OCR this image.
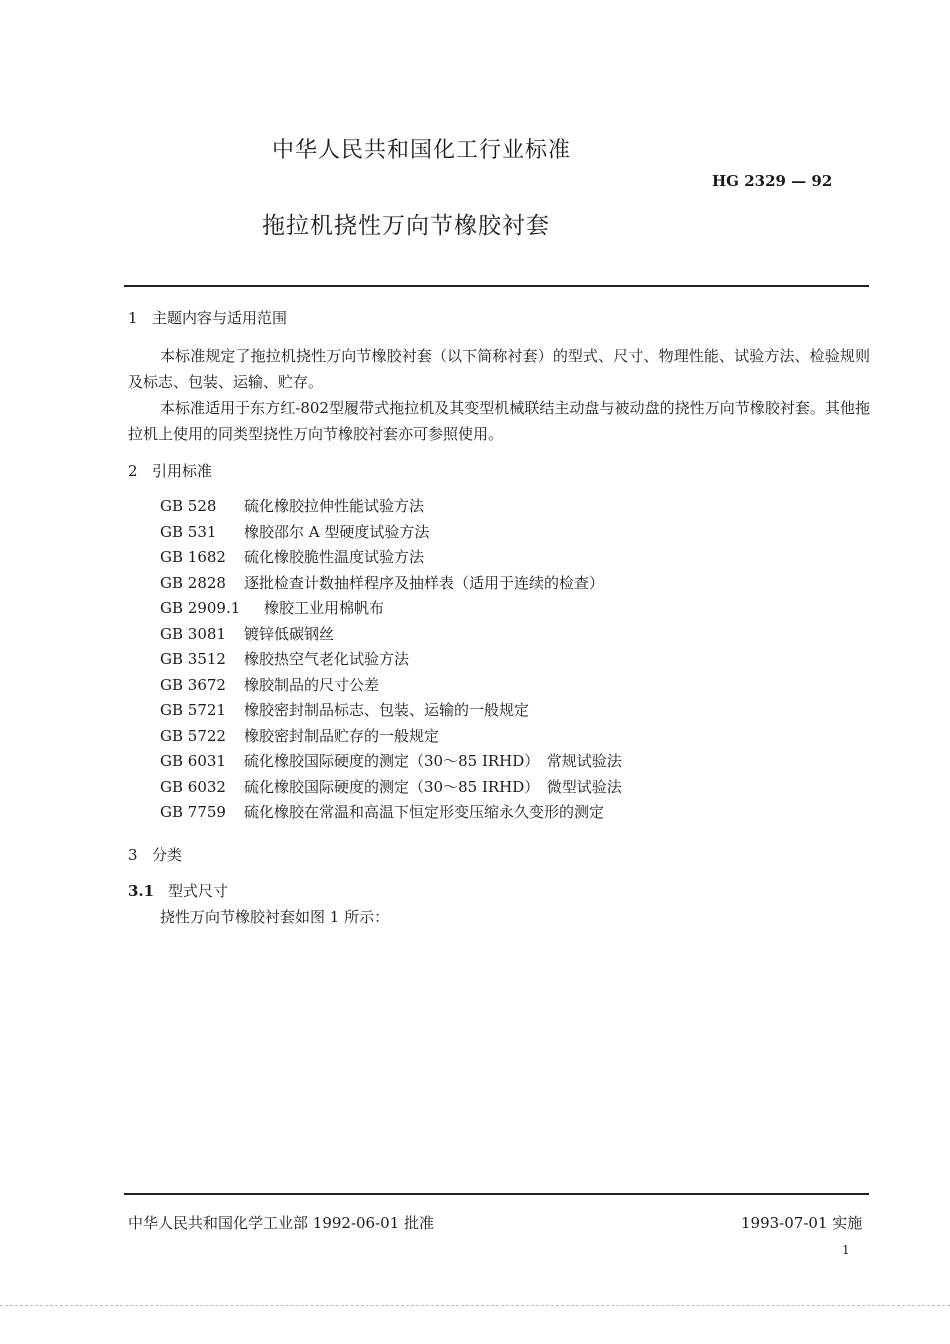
中华人民共和国化工行业标准
HG 2329 — 92
拖拉机挠性万向节橡胶衬套
1 主题内容与适用范围

本标准规定了拖拉机挠性万向节橡胶衬套（以下简称衬套）的型式、尺寸、物理性能、试验方法、检验规则及标志、包装、运输、贮存。

本标准适用于东方红-802型履带式拖拉机及其变型机械联结主动盘与被动盘的挠性万向节橡胶衬套。其他拖拉机上使用的同类型挠性万向节橡胶衬套亦可参照使用。

2 引用标准
GB 528 硫化橡胶拉伸性能试验方法
GB 531 橡胶邵尔 A 型硬度试验方法
GB 1682 硫化橡胶脆性温度试验方法
GB 2828 逐批检查计数抽样程序及抽样表（适用于连续的检查）
GB 2909.1 橡胶工业用棉帆布
GB 3081 镀锌低碳钢丝
GB 3512 橡胶热空气老化试验方法
GB 3672 橡胶制品的尺寸公差
GB 5721 橡胶密封制品标志、包装、运输的一般规定
GB 5722 橡胶密封制品贮存的一般规定
GB 6031 硫化橡胶国际硬度的测定（30～85 IRHD）　常规试验法
GB 6032 硫化橡胶国际硬度的测定（30～85 IRHD）　微型试验法
GB 7759 硫化橡胶在常温和高温下恒定形变压缩永久变形的测定
3 分类
3.1 型式尺寸
挠性万向节橡胶衬套如图 1 所示：
中华人民共和国化学工业部 1992-06-01 批准	1993-07-01 实施
1
